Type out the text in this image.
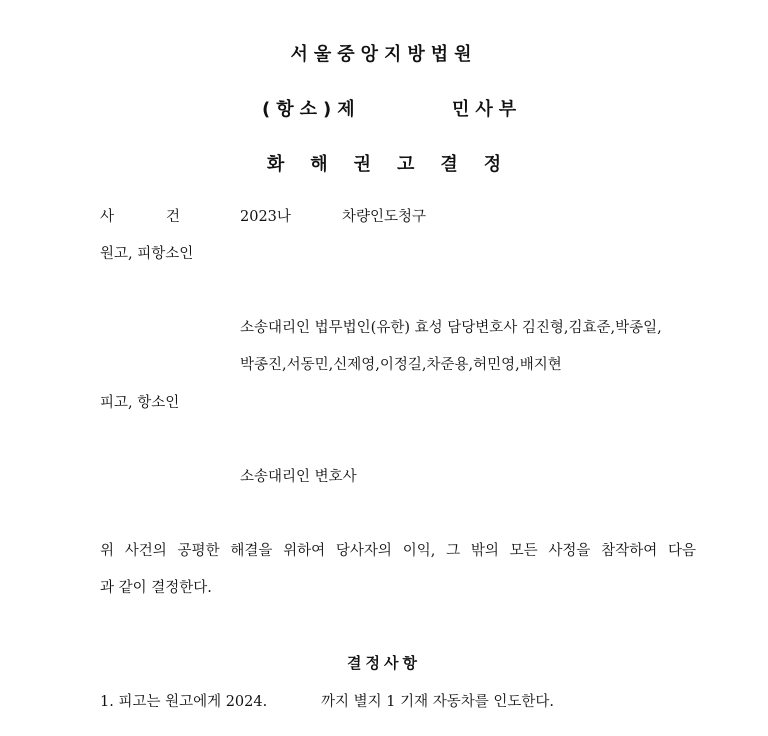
서울중앙지방법원
(항소)제	민사부
화해권고결정
사	건	2023나	차량인도청구
원고, 피항소인
소송대리인 법무법인(유한) 효성 담당변호사 김진형,김효준,박종일,
박종진,서동민,신제영,이정길,차준용,허민영,배지현
피고, 항소인
소송대리인 변호사
위 사건의 공평한 해결을 위하여 당사자의 이익, 그 밖의 모든 사정을 참작하여 다음
과 같이 결정한다.
결정사항
1. 피고는 원고에게 2024.	까지 별지 1 기재 자동차를 인도한다.
